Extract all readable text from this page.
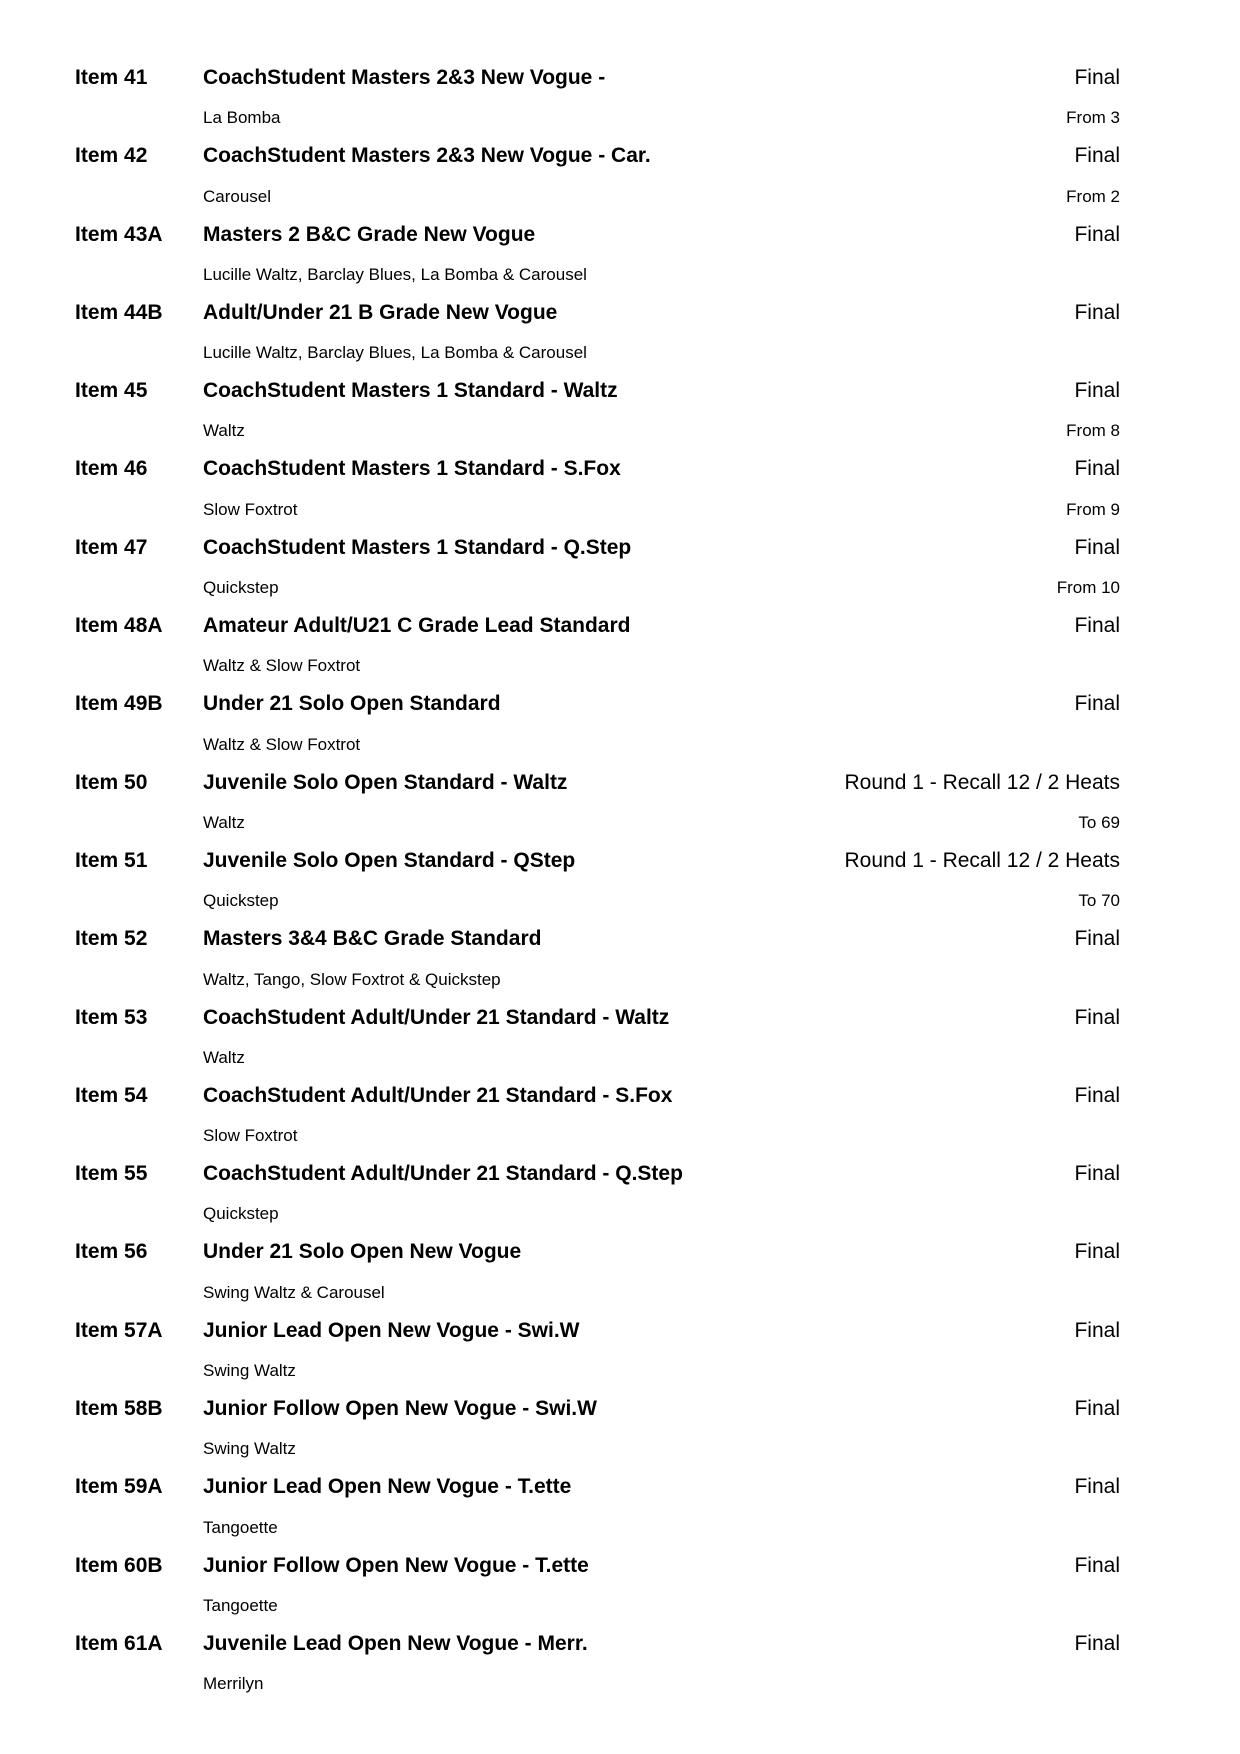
Item 41	CoachStudent Masters 2&3 New Vogue -	Final
La Bomba	From 3
Item 42	CoachStudent Masters 2&3 New Vogue - Car.	Final
Carousel	From 2
Item 43A	Masters 2 B&C Grade New Vogue	Final
Lucille Waltz, Barclay Blues, La Bomba & Carousel
Item 44B	Adult/Under 21 B Grade New Vogue	Final
Lucille Waltz, Barclay Blues, La Bomba & Carousel
Item 45	CoachStudent Masters 1 Standard - Waltz	Final
Waltz	From 8
Item 46	CoachStudent Masters 1 Standard - S.Fox	Final
Slow Foxtrot	From 9
Item 47	CoachStudent Masters 1 Standard - Q.Step	Final
Quickstep	From 10
Item 48A	Amateur Adult/U21 C Grade Lead Standard	Final
Waltz & Slow Foxtrot
Item 49B	Under 21 Solo Open Standard	Final
Waltz & Slow Foxtrot
Item 50	Juvenile Solo Open Standard - Waltz	Round 1 - Recall 12 / 2 Heats
Waltz	To 69
Item 51	Juvenile Solo Open Standard - QStep	Round 1 - Recall 12 / 2 Heats
Quickstep	To 70
Item 52	Masters 3&4 B&C Grade Standard	Final
Waltz, Tango, Slow Foxtrot & Quickstep
Item 53	CoachStudent Adult/Under 21 Standard - Waltz	Final
Waltz
Item 54	CoachStudent Adult/Under 21 Standard - S.Fox	Final
Slow Foxtrot
Item 55	CoachStudent Adult/Under 21 Standard - Q.Step	Final
Quickstep
Item 56	Under 21 Solo Open New Vogue	Final
Swing Waltz & Carousel
Item 57A	Junior Lead Open New Vogue - Swi.W	Final
Swing Waltz
Item 58B	Junior Follow Open New Vogue - Swi.W	Final
Swing Waltz
Item 59A	Junior Lead Open New Vogue - T.ette	Final
Tangoette
Item 60B	Junior Follow Open New Vogue - T.ette	Final
Tangoette
Item 61A	Juvenile Lead Open New Vogue - Merr.	Final
Merrilyn
